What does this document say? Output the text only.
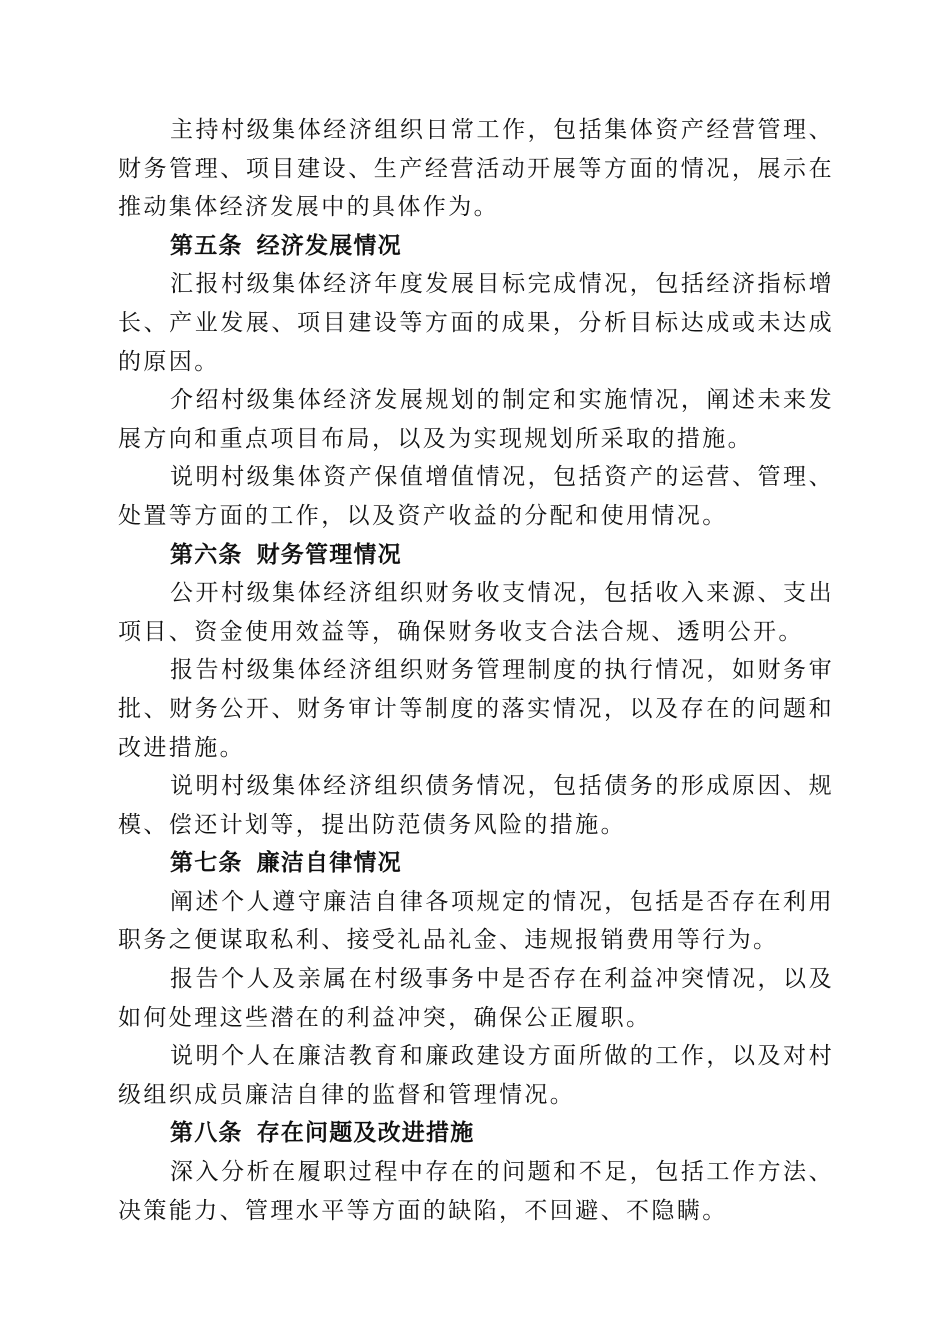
主持村级集体经济组织日常工作，包括集体资产经营管理、财务管理、项目建设、生产经营活动开展等方面的情况，展示在推动集体经济发展中的具体作为。

第五条 经济发展情况

汇报村级集体经济年度发展目标完成情况，包括经济指标增长、产业发展、项目建设等方面的成果，分析目标达成或未达成的原因。

介绍村级集体经济发展规划的制定和实施情况，阐述未来发展方向和重点项目布局，以及为实现规划所采取的措施。

说明村级集体资产保值增值情况，包括资产的运营、管理、处置等方面的工作，以及资产收益的分配和使用情况。

第六条 财务管理情况

公开村级集体经济组织财务收支情况，包括收入来源、支出项目、资金使用效益等，确保财务收支合法合规、透明公开。

报告村级集体经济组织财务管理制度的执行情况，如财务审批、财务公开、财务审计等制度的落实情况，以及存在的问题和改进措施。

说明村级集体经济组织债务情况，包括债务的形成原因、规模、偿还计划等，提出防范债务风险的措施。

第七条 廉洁自律情况

阐述个人遵守廉洁自律各项规定的情况，包括是否存在利用职务之便谋取私利、接受礼品礼金、违规报销费用等行为。

报告个人及亲属在村级事务中是否存在利益冲突情况，以及如何处理这些潜在的利益冲突，确保公正履职。

说明个人在廉洁教育和廉政建设方面所做的工作，以及对村级组织成员廉洁自律的监督和管理情况。

第八条 存在问题及改进措施

深入分析在履职过程中存在的问题和不足，包括工作方法、决策能力、管理水平等方面的缺陷，不回避、不隐瞒。
